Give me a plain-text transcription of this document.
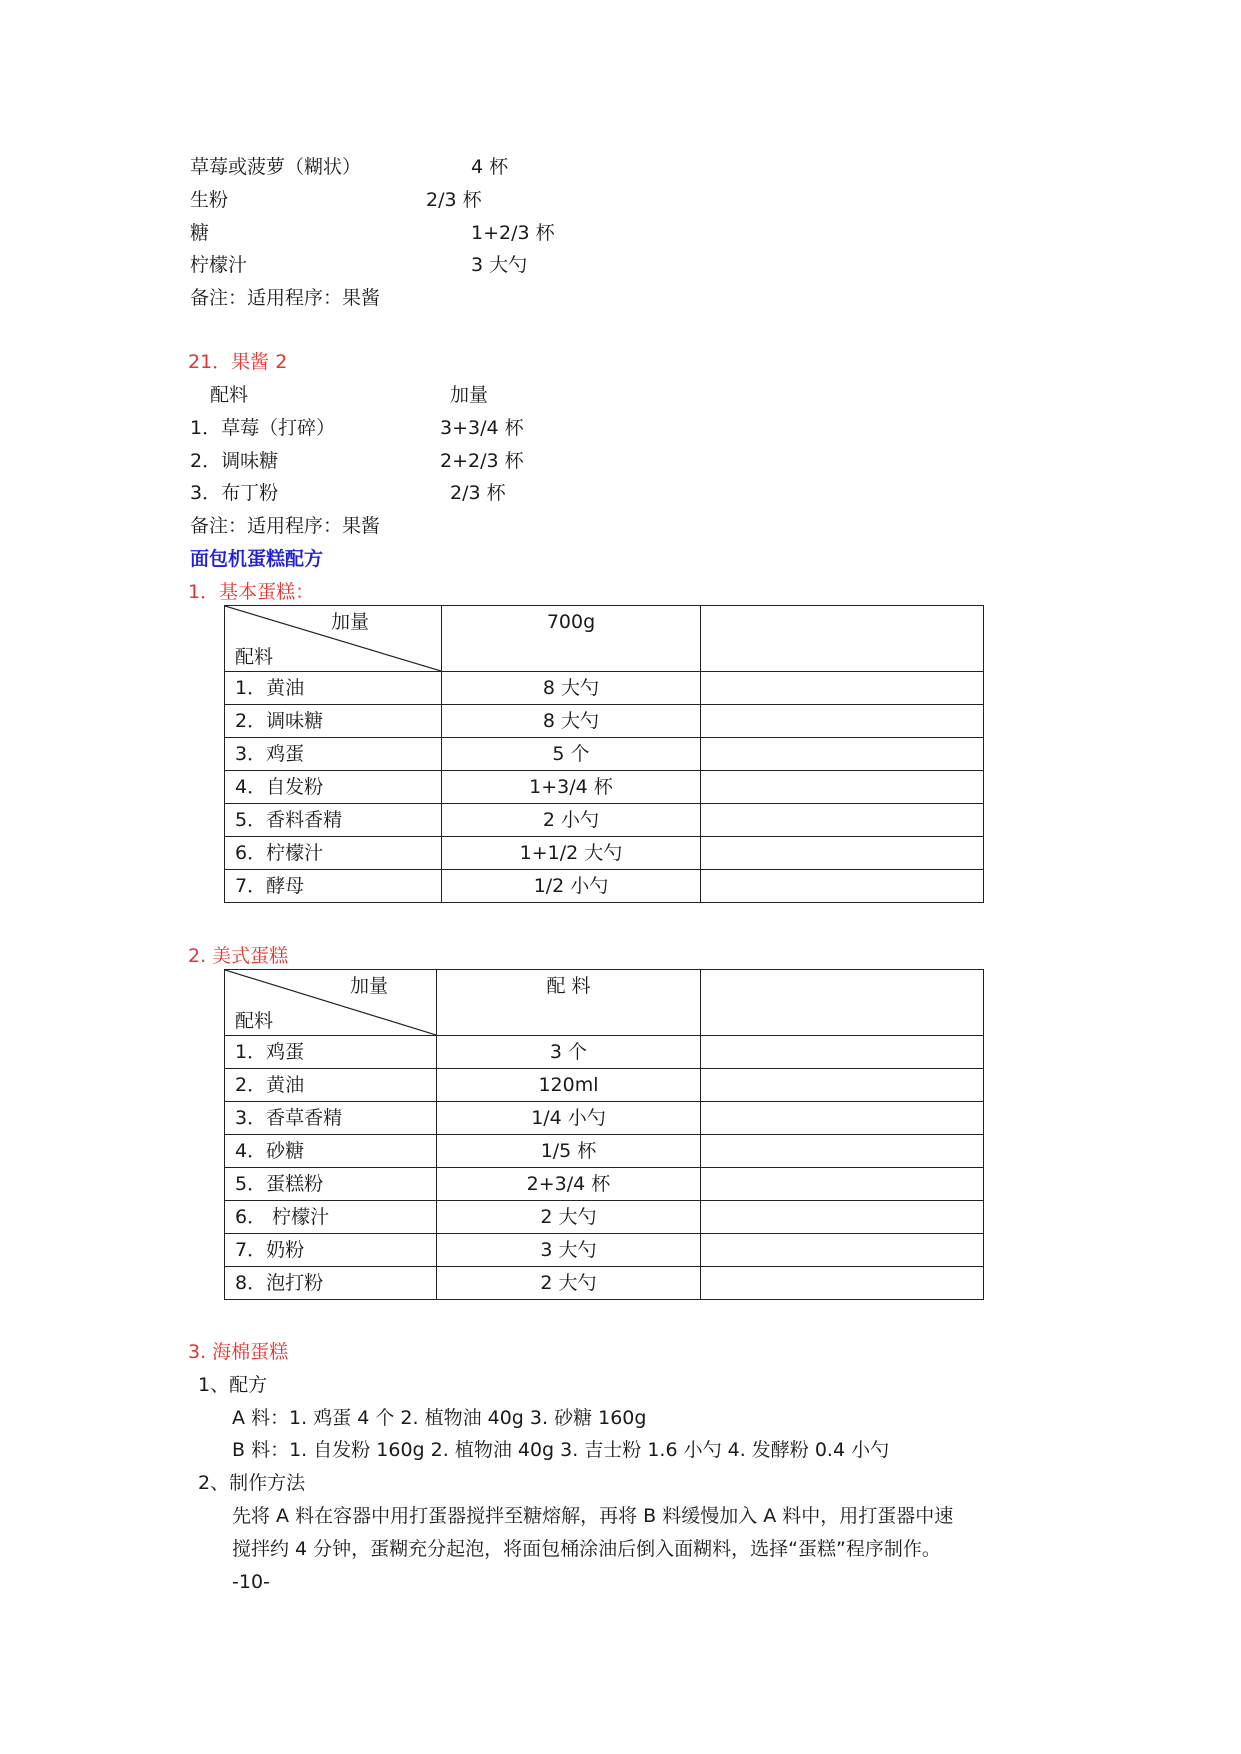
草莓或菠萝（糊状）	4 杯
生粉	2/3 杯
糖	1+2/3 杯
柠檬汁	3 大勺
备注：适用程序：果酱
21．果酱 2
配料	加量
1．草莓（打碎）	3+3/4 杯
2．调味糖	2+2/3 杯
3．布丁粉	2/3 杯
备注：适用程序：果酱
面包机蛋糕配方
1．基本蛋糕：
加量
配料	700g	
1．黄油	8 大勺	
2．调味糖	8 大勺	
3．鸡蛋	5 个	
4．自发粉	1+3/4 杯	
5．香料香精	2 小勺	
6．柠檬汁	1+1/2 大勺	
7．酵母	1/2 小勺	
2. 美式蛋糕
加量
配料	配 料	
1．鸡蛋	3 个	
2．黄油	120ml	
3．香草香精	1/4 小勺	
4．砂糖	1/5 杯	
5．蛋糕粉	2+3/4 杯	
6． 柠檬汁	2 大勺	
7．奶粉	3 大勺	
8．泡打粉	2 大勺	
3. 海棉蛋糕
1、配方
A 料：1. 鸡蛋 4 个 2. 植物油 40g 3. 砂糖 160g
B 料：1. 自发粉 160g 2. 植物油 40g 3. 吉士粉 1.6 小勺 4. 发酵粉 0.4 小勺
2、制作方法
先将 A 料在容器中用打蛋器搅拌至糖熔解，再将 B 料缓慢加入 A 料中，用打蛋器中速
搅拌约 4 分钟，蛋糊充分起泡，将面包桶涂油后倒入面糊料，选择“蛋糕”程序制作。
-10-
